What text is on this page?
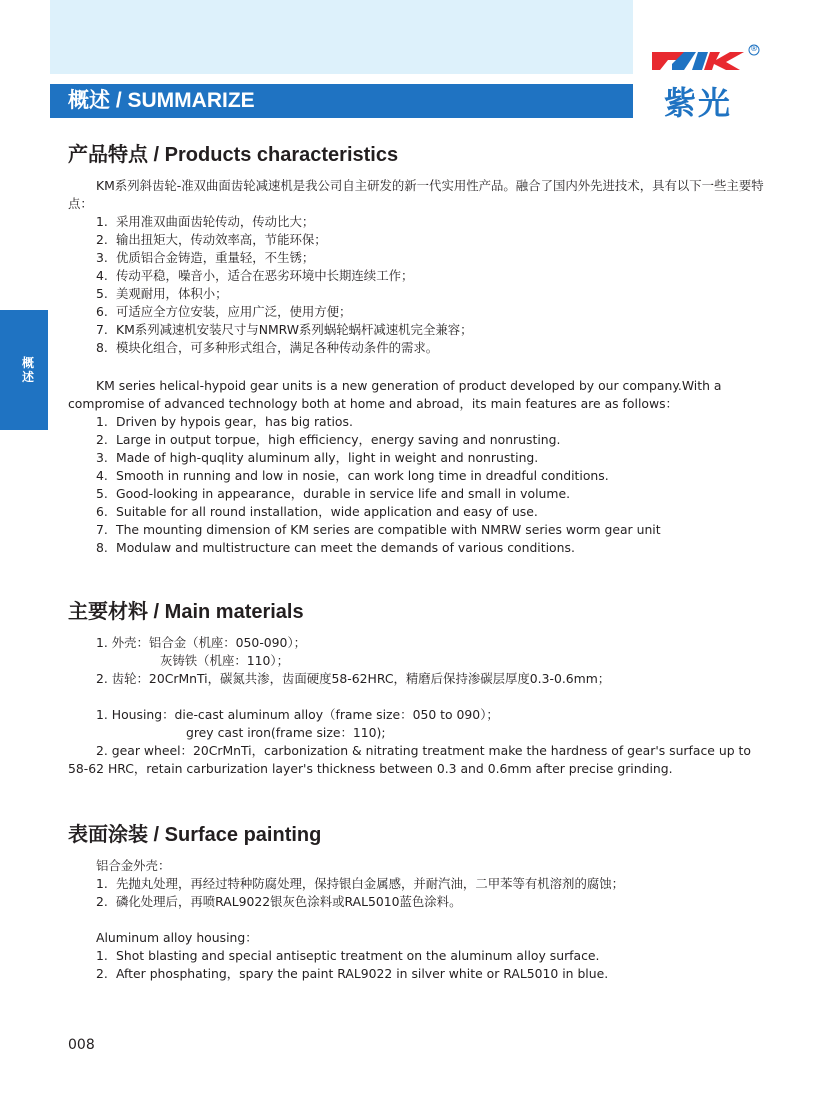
概述 / SUMMARIZE
®
紫光
概述
产品特点 / Products characteristics

KM系列斜齿轮-准双曲面齿轮减速机是我公司自主研发的新一代实用性产品。融合了国内外先进技术，具有以下一些主要特点：

1. 采用准双曲面齿轮传动，传动比大；
2. 输出扭矩大，传动效率高，节能环保；
3. 优质铝合金铸造，重量轻，不生锈；
4. 传动平稳，噪音小，适合在恶劣环境中长期连续工作；
5. 美观耐用，体积小；
6. 可适应全方位安装，应用广泛，使用方便；
7. KM系列减速机安装尺寸与NMRW系列蜗轮蜗杆减速机完全兼容；
8. 模块化组合，可多种形式组合，满足各种传动条件的需求。

KM series helical-hypoid gear units is a new generation of product developed by our company.With a compromise of advanced technology both at home and abroad，its main features are as follows：

1. Driven by hypois gear，has big ratios.
2. Large in output torpue，high efficiency，energy saving and nonrusting.
3. Made of high-quqlity aluminum ally，light in weight and nonrusting.
4. Smooth in running and low in nosie，can work long time in dreadful conditions.
5. Good-looking in appearance，durable in service life and small in volume.
6. Suitable for all round installation，wide application and easy of use.
7. The mounting dimension of KM series are compatible with NMRW series worm gear unit
8. Modulaw and multistructure can meet the demands of various conditions.
主要材料 / Main materials
1. 外壳：铝合金（机座：050-090）；
灰铸铁（机座：110）；
2. 齿轮：20CrMnTi，碳氮共渗，齿面硬度58-62HRC，精磨后保持渗碳层厚度0.3-0.6mm；
1. Housing：die-cast aluminum alloy（frame size：050 to 090）；
grey cast iron(frame size：110);

2. gear wheel：20CrMnTi，carbonization & nitrating treatment make the hardness of gear's surface up to 58-62 HRC，retain carburization layer's thickness between 0.3 and 0.6mm after precise grinding.

表面涂装 / Surface painting
铝合金外壳：
1. 先抛丸处理，再经过特种防腐处理，保持银白金属感，并耐汽油，二甲苯等有机溶剂的腐蚀；
2. 磷化处理后，再喷RAL9022银灰色涂料或RAL5010蓝色涂料。
Aluminum alloy housing：
1. Shot blasting and special antiseptic treatment on the aluminum alloy surface.
2. After phosphating，spary the paint RAL9022 in silver white or RAL5010 in blue.
008
